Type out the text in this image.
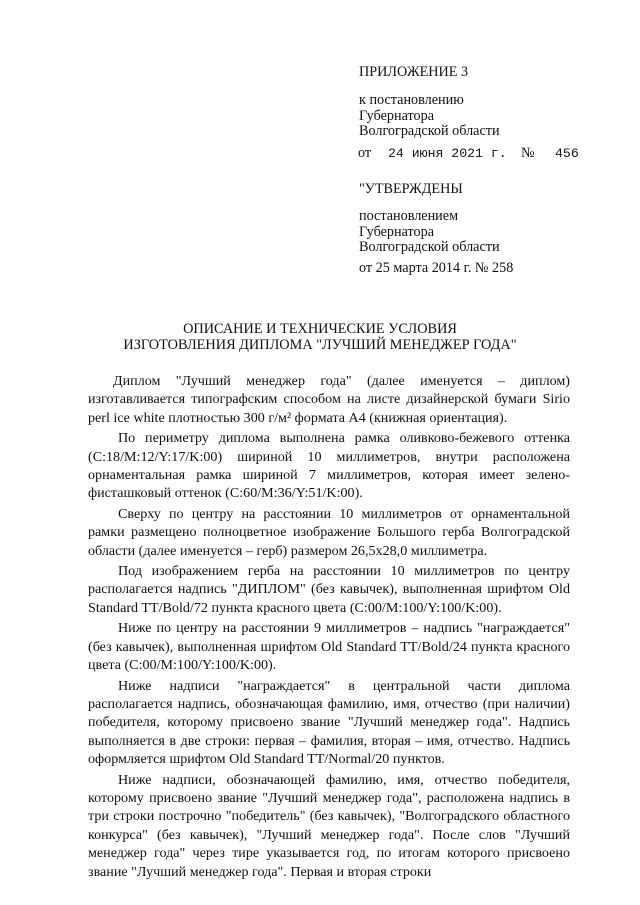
ПРИЛОЖЕНИЕ 3
к постановлению
Губернатора
Волгоградской области
от 24 июня 2021 г. № 456
"УТВЕРЖДЕНЫ
постановлением
Губернатора
Волгоградской области
от 25 марта 2014 г. № 258
ОПИСАНИЕ И ТЕХНИЧЕСКИЕ УСЛОВИЯ
ИЗГОТОВЛЕНИЯ ДИПЛОМА "ЛУЧШИЙ МЕНЕДЖЕР ГОДА"

Диплом "Лучший менеджер года" (далее именуется – диплом) изготавливается типографским способом на листе дизайнерской бумаги Sirio perl ice white плотностью 300 г/м² формата А4 (книжная ориентация).

По периметру диплома выполнена рамка оливково-бежевого оттенка (С:18/M:12/Y:17/K:00) шириной 10 миллиметров, внутри расположена орнаментальная рамка шириной 7 миллиметров, которая имеет зелено-фисташковый оттенок (С:60/M:36/Y:51/K:00).

Сверху по центру на расстоянии 10 миллиметров от орнаментальной рамки размещено полноцветное изображение Большого герба Волгоградской области (далее именуется – герб) размером 26,5х28,0 миллиметра.

Под изображением герба на расстоянии 10 миллиметров по центру располагается надпись "ДИПЛОМ" (без кавычек), выполненная шрифтом Old Standard TT/Bold/72 пункта красного цвета (С:00/M:100/Y:100/K:00).

Ниже по центру на расстоянии 9 миллиметров – надпись "награждается" (без кавычек), выполненная шрифтом Old Standard TT/Bold/24 пункта красного цвета (С:00/M:100/Y:100/K:00).

Ниже надписи "награждается" в центральной части диплома располагается надпись, обозначающая фамилию, имя, отчество (при наличии) победителя, которому присвоено звание "Лучший менеджер года". Надпись выполняется в две строки: первая – фамилия, вторая – имя, отчество. Надпись оформляется шрифтом Old Standard TT/Normal/20 пунктов.

Ниже надписи, обозначающей фамилию, имя, отчество победителя, которому присвоено звание "Лучший менеджер года", расположена надпись в три строки построчно "победитель" (без кавычек), "Волгоградского областного конкурса" (без кавычек), "Лучший менеджер года". После слов "Лучший менеджер года" через тире указывается год, по итогам которого присвоено звание "Лучший менеджер года". Первая и вторая строки
